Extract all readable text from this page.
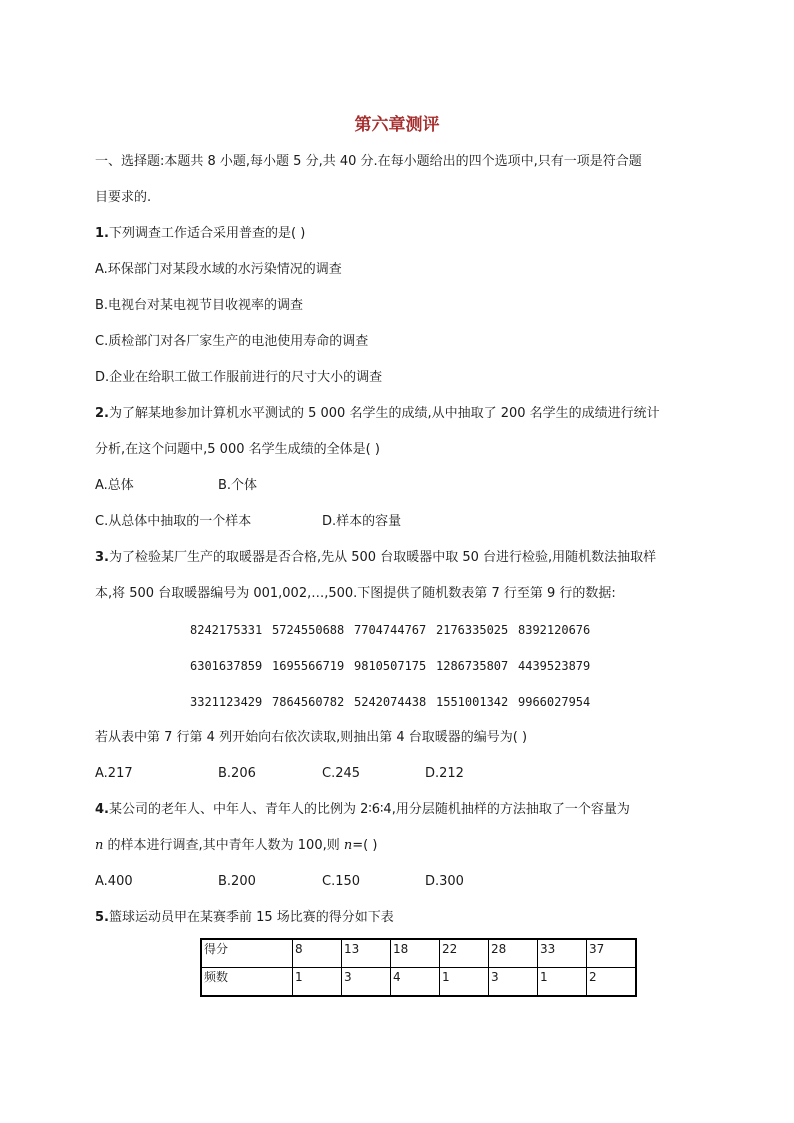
第六章测评
一、选择题:本题共 8 小题,每小题 5 分,共 40 分.在每小题给出的四个选项中,只有一项是符合题
目要求的.
1.下列调查工作适合采用普查的是( )
A.环保部门对某段水域的水污染情况的调查
B.电视台对某电视节目收视率的调查
C.质检部门对各厂家生产的电池使用寿命的调查
D.企业在给职工做工作服前进行的尺寸大小的调查
2.为了解某地参加计算机水平测试的 5 000 名学生的成绩,从中抽取了 200 名学生的成绩进行统计
分析,在这个问题中,5 000 名学生成绩的全体是( )
A.总体	B.个体
C.从总体中抽取的一个样本	D.样本的容量
3.为了检验某厂生产的取暖器是否合格,先从 500 台取暖器中取 50 台进行检验,用随机数法抽取样
本,将 500 台取暖器编号为 001,002,…,500.下图提供了随机数表第 7 行至第 9 行的数据:
8242175331 5724550688 7704744767 2176335025 8392120676
6301637859 1695566719 9810507175 1286735807 4439523879
3321123429 7864560782 5242074438 1551001342 9966027954
若从表中第 7 行第 4 列开始向右依次读取,则抽出第 4 台取暖器的编号为( )
A.217	B.206	C.245	D.212
4.某公司的老年人、中年人、青年人的比例为 2∶6∶4,用分层随机抽样的方法抽取了一个容量为
n 的样本进行调查,其中青年人数为 100,则 n=( )
A.400	B.200	C.150	D.300
5.篮球运动员甲在某赛季前 15 场比赛的得分如下表
得分	8	13	18	22	28	33	37
频数	1	3	4	1	3	1	2
